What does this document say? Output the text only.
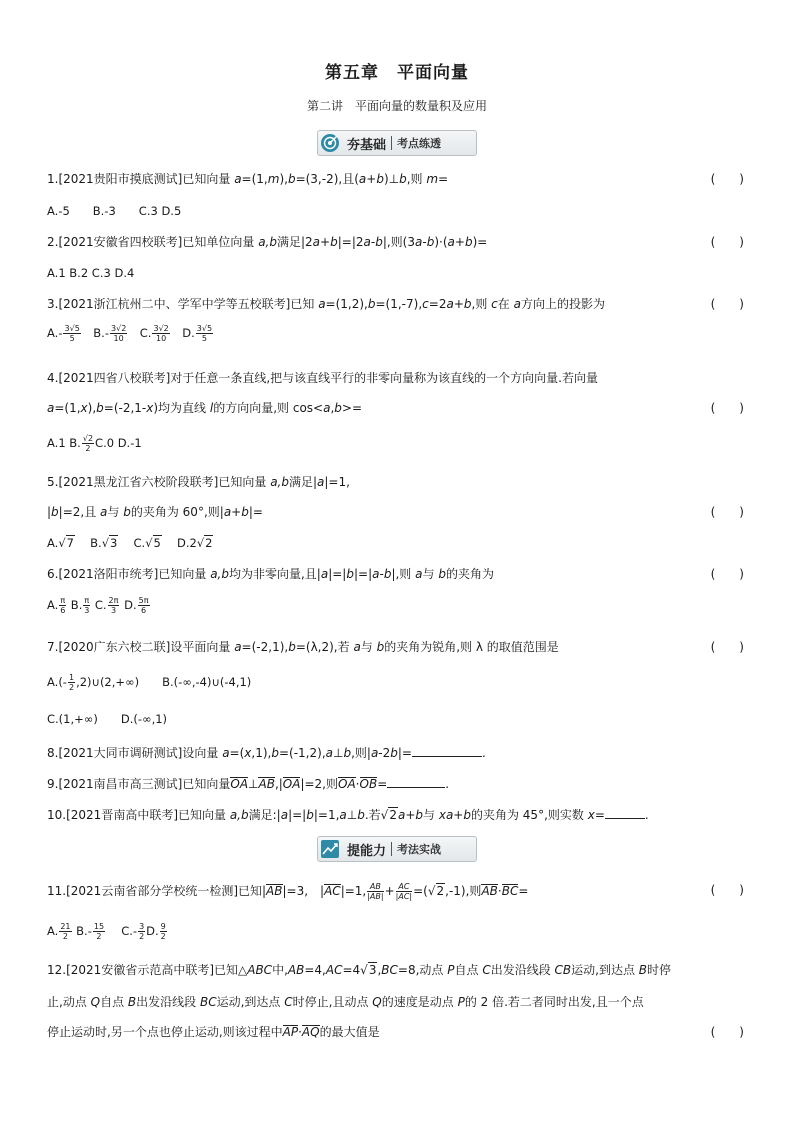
第五章　平面向量
第二讲　平面向量的数量积及应用
夯基础 考点练透
1.[2021贵阳市摸底测试]已知向量 a=(1,m),b=(3,-2),且(a+b)⊥b,则 m=	(　　)
A.-5　　B.-3　　C.3 D.5
2.[2021安徽省四校联考]已知单位向量 a,b满足|2a+b|=|2a-b|,则(3a-b)·(a+b)=	(　　)
A.1 B.2 C.3 D.4
3.[2021浙江杭州二中、学军中学等五校联考]已知 a=(1,2),b=(1,-7),c=2a+b,则 c在 a方向上的投影为	(　　)
$A.- \frac{3√5}{5}$ 　$B.- \frac{3√2}{10}$ 　C. $\frac{3√2}{10}$ 　D. $\frac{3√5}{5}$
4.[2021四省八校联考]对于任意一条直线,把与该直线平行的非零向量称为该直线的一个方向向量.若向量
a=(1,x),b=(-2,1-x)均为直线 l的方向向量,则 cos<a,b>=	(　　)
A.1 B. $\frac{√2}{2} C.0$ D.-1
5.[2021黑龙江省六校阶段联考]已知向量 a,b满足|a|=1,
|b|=2,且 a与 b的夹角为 60°,则|a+b|=	(　　)
A.√7　 B.√3　 C.√5　 D.2√2
6.[2021洛阳市统考]已知向量 a,b均为非零向量,且|a|=|b|=|a-b|,则 a与 b的夹角为	(　　)
A. $\frac{\pi}{6} B$. $\frac{\pi}{3} C$. $\frac{2\pi}{3} D$. $\frac{5\pi}{6}$
7.[2020广东六校二联]设平面向量 a=(-2,1),b=(λ,2),若 a与 b的夹角为锐角,则 λ 的取值范围是	(　　)
$A.(- \frac{1}{2}$ ,2)∪(2,+∞)　　B.(-∞,-4)∪(-4,1)
C.(1,+∞)　　D.(-∞,1)
8.[2021大同市调研测试]设向量 a=(x,1),b=(-1,2),a⊥b,则|a-2b|=	.
9.[2021南昌市高三测试]已知向量OA⊥AB,|OA|=2,则OA·OB=	.
10.[2021晋南高中联考]已知向量 a,b满足:|a|=|b|=1,a⊥b.若√2a+b与 xa+b的夹角为 45°,则实数 x=	.
提能力 考法实战
11.[2021云南省部分学校统一检测]已知|AB|=3,　|AC|=1, $\frac{AB}{|AB|} + \frac{AC}{|AC|} =(√2,-1)$,则AB·BC=	(　　)
A. $\frac{21}{2} B.- \frac{15}{2}$ 　 $C.- \frac{3}{2} D$. $\frac{9}{2}$
12.[2021安徽省示范高中联考]已知△ABC中,AB=4,AC=4√3,BC=8,动点 P自点 C出发沿线段 CB运动,到达点 B时停
止,动点 Q自点 B出发沿线段 BC运动,到达点 C时停止,且动点 Q的速度是动点 P的 2 倍.若二者同时出发,且一个点
停止运动时,另一个点也停止运动,则该过程中AP·AQ的最大值是	(　　)
